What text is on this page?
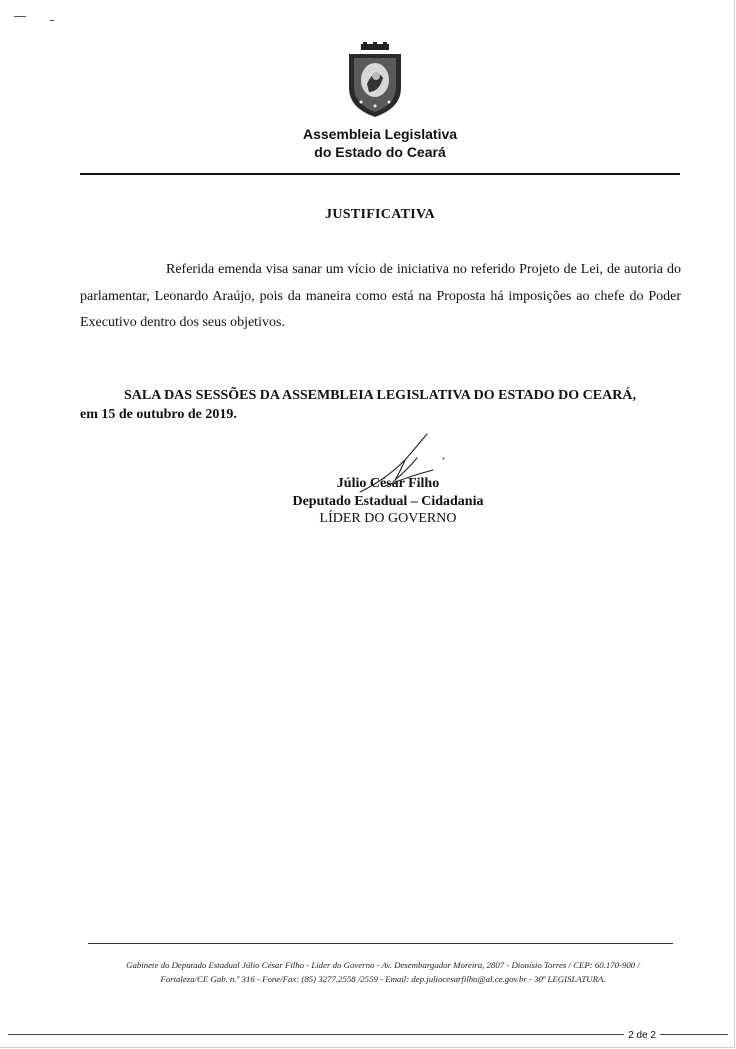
Assembleia Legislativa
do Estado do Ceará
JUSTIFICATIVA
Referida emenda visa sanar um vício de iniciativa no referido Projeto de Lei, de autoria do parlamentar, Leonardo Araújo, pois da maneira como está na Proposta há imposições ao chefe do Poder Executivo dentro dos seus objetivos.
SALA DAS SESSÕES DA ASSEMBLEIA LEGISLATIVA DO ESTADO DO CEARÁ,
em 15 de outubro de 2019.
Júlio César Filho
Deputado Estadual – Cidadania
LÍDER DO GOVERNO
Gabinete do Deputado Estadual Júlio César Filho - Líder do Governo - Av. Desembargador Moreira, 2807 - Dionísio Torres / CEP: 60.170-900 /
Fortaleza/CE Gab. n.º 316 - Fone/Fax: (85) 3277.2558 /2559 - Email: dep.juliocesarfilho@al.ce.gov.br - 30ª LEGISLATURA.
2 de 2
